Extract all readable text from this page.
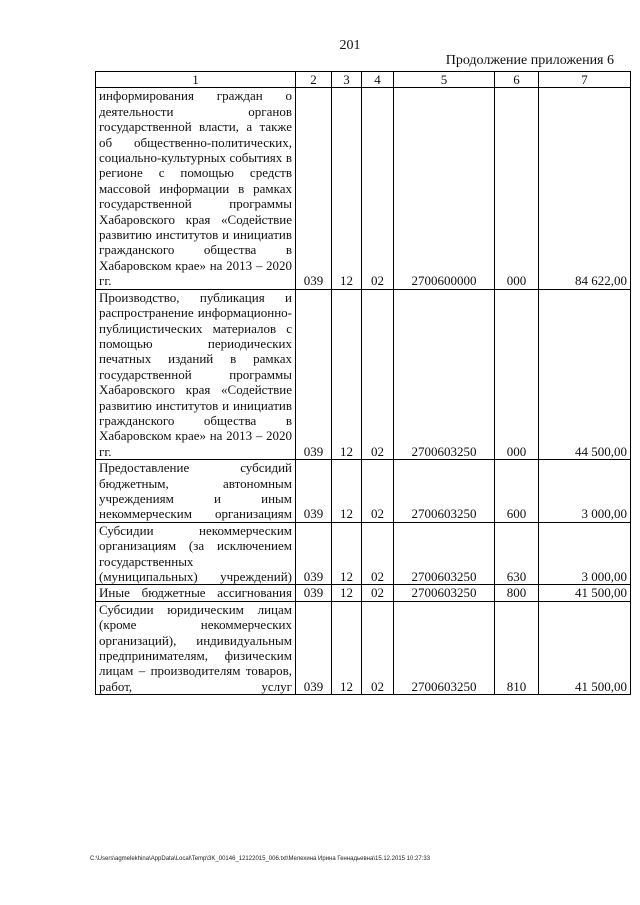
201
Продолжение приложения 6
1	2	3	4	5	6	7
информирования граждан о деятельности органов государственной власти, а также об общественно-политических, социально-культурных событиях в регионе с помощью средств массовой информации в рамках государственной программы Хабаровского края «Содействие развитию институтов и инициатив гражданского общества в Хабаровском крае» на 2013 – 2020 гг.	039	12	02	2700600000	000	84 622,00
Производство, публикация и распространение информационно-публицистических материалов с помощью периодических печатных изданий в рамках государственной программы Хабаровского края «Содействие развитию институтов и инициатив гражданского общества в Хабаровском крае» на 2013 – 2020 гг.	039	12	02	2700603250	000	44 500,00
Предоставление субсидий бюджетным, автономным учреждениям и иным некоммерческим организациям	039	12	02	2700603250	600	3 000,00
Субсидии некоммерческим организациям (за исключением государственных (муниципальных) учреждений)	039	12	02	2700603250	630	3 000,00
Иные бюджетные ассигнования	039	12	02	2700603250	800	41 500,00
Субсидии юридическим лицам (кроме некоммерческих организаций), индивидуальным предпринимателям, физическим лицам – производителям товаров, работ, услуг	039	12	02	2700603250	810	41 500,00
C:\Users\agmelekhina\AppData\Local\Temp\3K_00146_12122015_006.txt\Мелехина Ирина Геннадьевна\15.12.2015 10:27:33
